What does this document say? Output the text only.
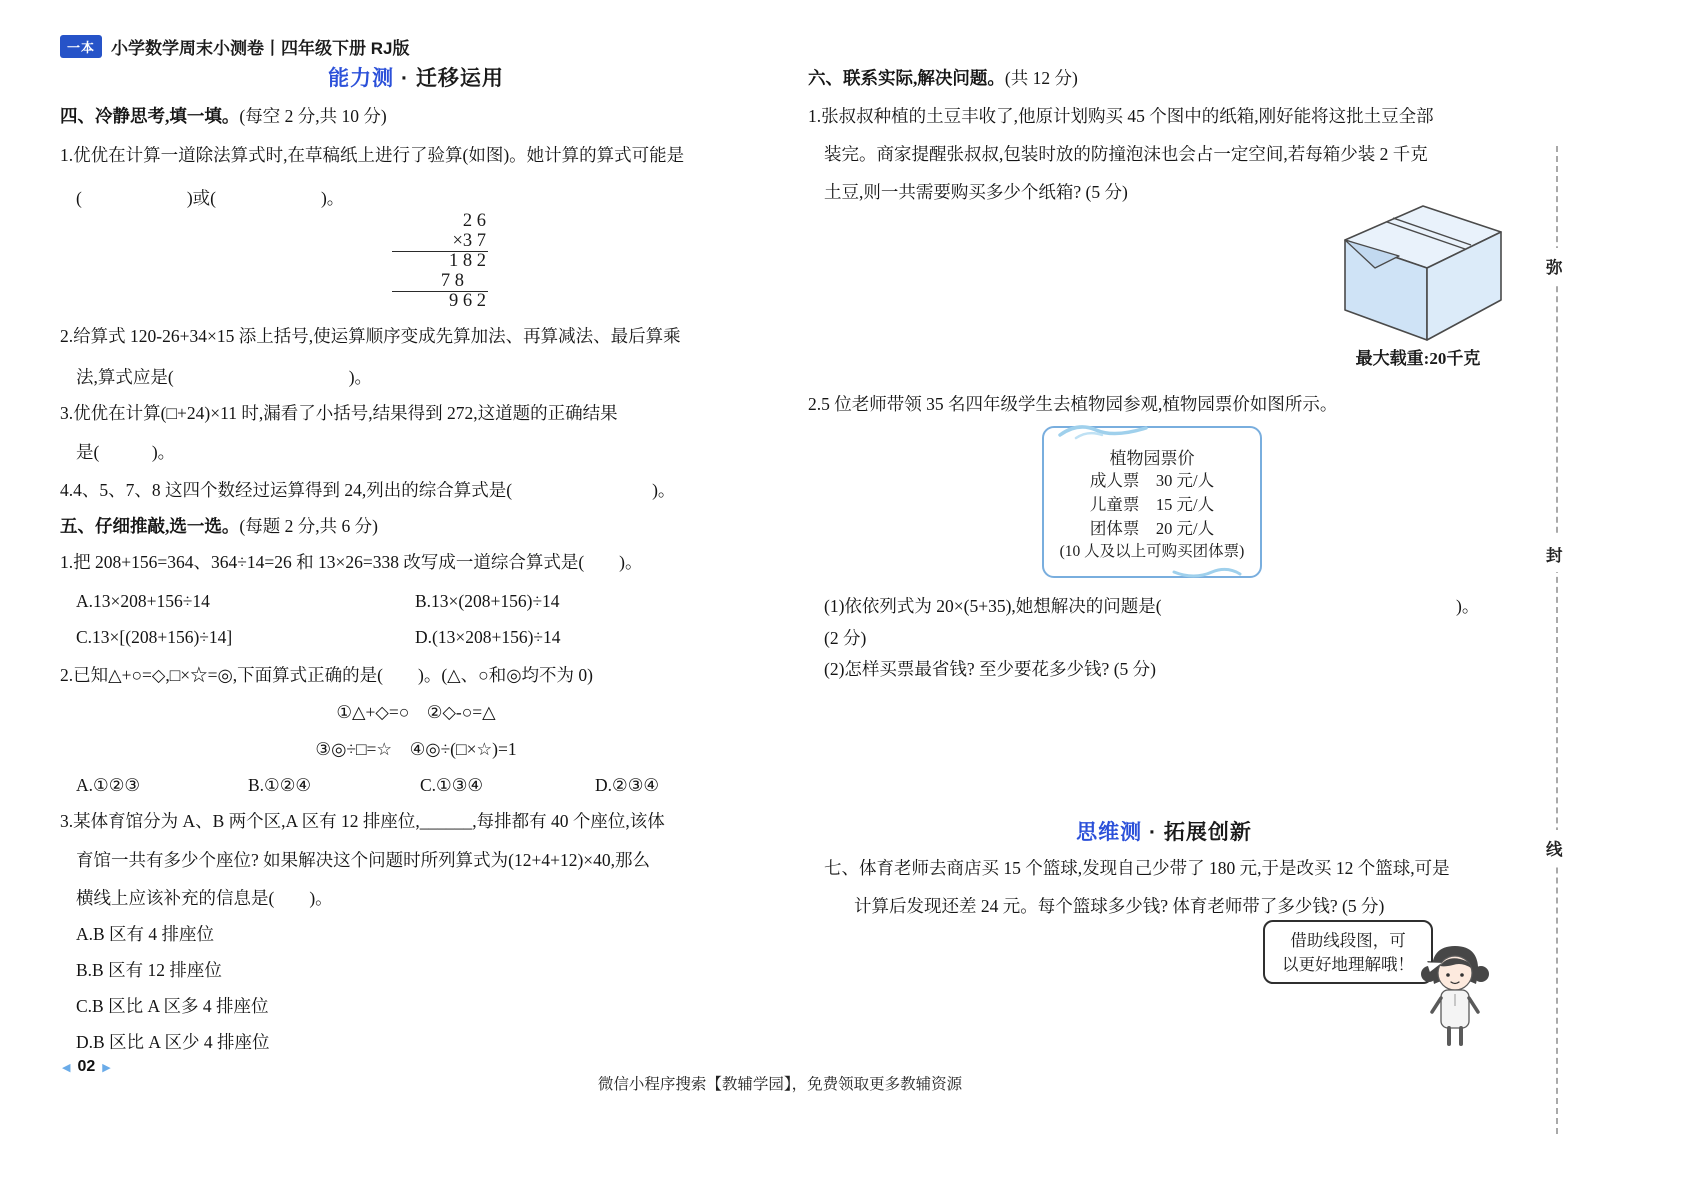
一本 小学数学周末小测卷丨四年级下册 RJ版
能力测 · 迁移运用
四、冷静思考,填一填。(每空 2 分,共 10 分)
1.优优在计算一道除法算式时,在草稿纸上进行了验算(如图)。她计算的算式可能是
(　　　　　　)或(　　　　　　)。
2 6
×3 7
1 8 2
7 8
9 6 2
2.给算式 120-26+34×15 添上括号,使运算顺序变成先算加法、再算减法、最后算乘
法,算式应是(　　　　　　　　　　)。
3.优优在计算(□+24)×11 时,漏看了小括号,结果得到 272,这道题的正确结果
是(　　　)。
4.4、5、7、8 这四个数经过运算得到 24,列出的综合算式是(　　　　　　　　)。
五、仔细推敲,选一选。(每题 2 分,共 6 分)
1.把 208+156=364、364÷14=26 和 13×26=338 改写成一道综合算式是(　　)。
A.13×208+156÷14	B.13×(208+156)÷14
C.13×[(208+156)÷14]	D.(13×208+156)÷14
2.已知△+○=◇,□×☆=◎,下面算式正确的是(　　)。(△、○和◎均不为 0)
①△+◇=○　②◇-○=△
③◎÷□=☆　④◎÷(□×☆)=1
A.①②③	B.①②④	C.①③④	D.②③④
3.某体育馆分为 A、B 两个区,A 区有 12 排座位,______,每排都有 40 个座位,该体
育馆一共有多少个座位? 如果解决这个问题时所列算式为(12+4+12)×40,那么
横线上应该补充的信息是(　　)。
A.B 区有 4 排座位
B.B 区有 12 排座位
C.B 区比 A 区多 4 排座位
D.B 区比 A 区少 4 排座位
六、联系实际,解决问题。(共 12 分)
1.张叔叔种植的土豆丰收了,他原计划购买 45 个图中的纸箱,刚好能将这批土豆全部
装完。商家提醒张叔叔,包装时放的防撞泡沫也会占一定空间,若每箱少装 2 千克
土豆,则一共需要购买多少个纸箱? (5 分)
最大载重:20千克
2.5 位老师带领 35 名四年级学生去植物园参观,植物园票价如图所示。
植物园票价
成人票　30 元/人
儿童票　15 元/人
团体票　20 元/人
(10 人及以上可购买团体票)
(1)依依列式为 20×(5+35),她想解决的问题是(	)。
(2 分)
(2)怎样买票最省钱? 至少要花多少钱? (5 分)
思维测 · 拓展创新
七、体育老师去商店买 15 个篮球,发现自己少带了 180 元,于是改买 12 个篮球,可是
计算后发现还差 24 元。每个篮球多少钱? 体育老师带了多少钱? (5 分)
借助线段图，可
以更好地理解哦！
弥
封
线
◀ 02 ▶
微信小程序搜索【教辅学园】，免费领取更多教辅资源
